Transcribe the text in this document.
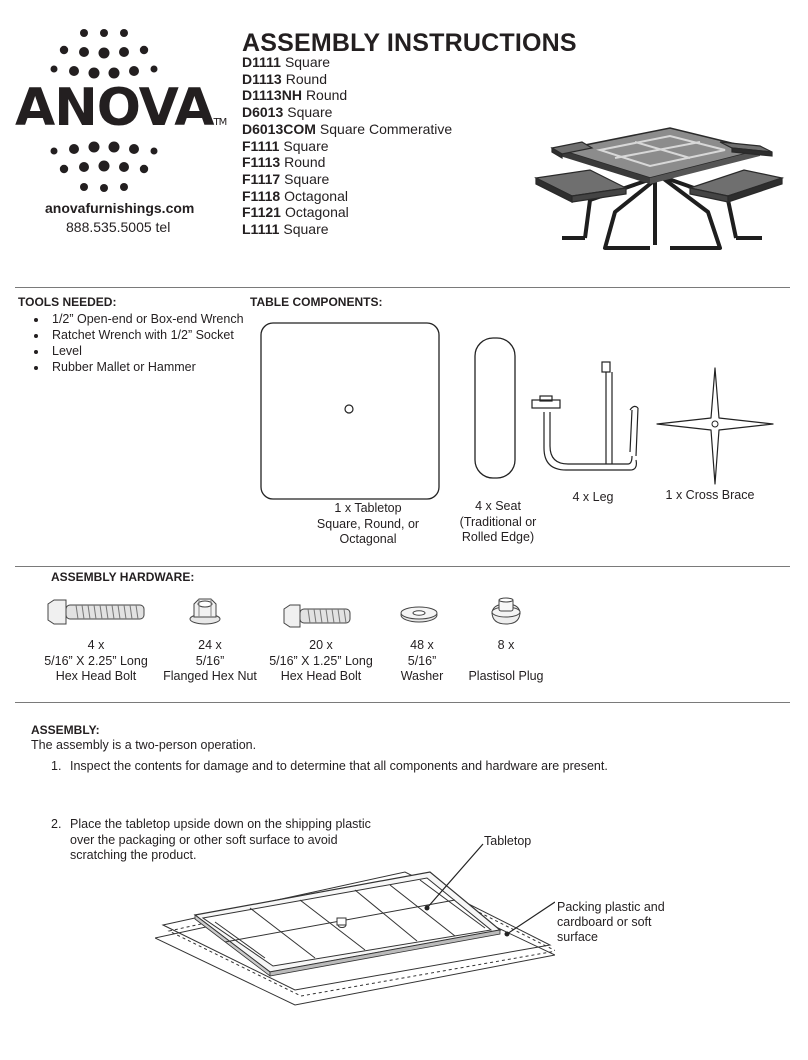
ANOVATM
anovafurnishings.com
888.535.5005 tel
ASSEMBLY INSTRUCTIONS
D1111 Square
D1113 Round
D1113NH Round
D6013 Square
D6013COM Square Commerative
F1111 Square
F1113 Round
F1117 Square
F1118 Octagonal
F1121 Octagonal
L1111 Square
TOOLS NEEDED:
• 1/2” Open-end or Box-end Wrench
• Ratchet Wrench with 1/2” Socket
• Level
• Rubber Mallet or Hammer
TABLE COMPONENTS:
1 x Tabletop
Square, Round, or
Octagonal
4 x Seat
(Traditional or
Rolled Edge)
4 x Leg	1 x Cross Brace
ASSEMBLY HARDWARE:
4 x
5/16” X 2.25” Long
Hex Head Bolt
24 x
5/16”
Flanged Hex Nut
20 x
5/16” X 1.25” Long
Hex Head Bolt
48 x
5/16”
Washer
8 x
Plastisol Plug
ASSEMBLY:
The assembly is a two-person operation.
1. Inspect the contents for damage and to determine that all components and hardware are present.
2. Place the tabletop upside down on the shipping plastic
over the packaging or other soft surface to avoid
scratching the product.
Tabletop
Packing plastic and
cardboard or soft
surface
